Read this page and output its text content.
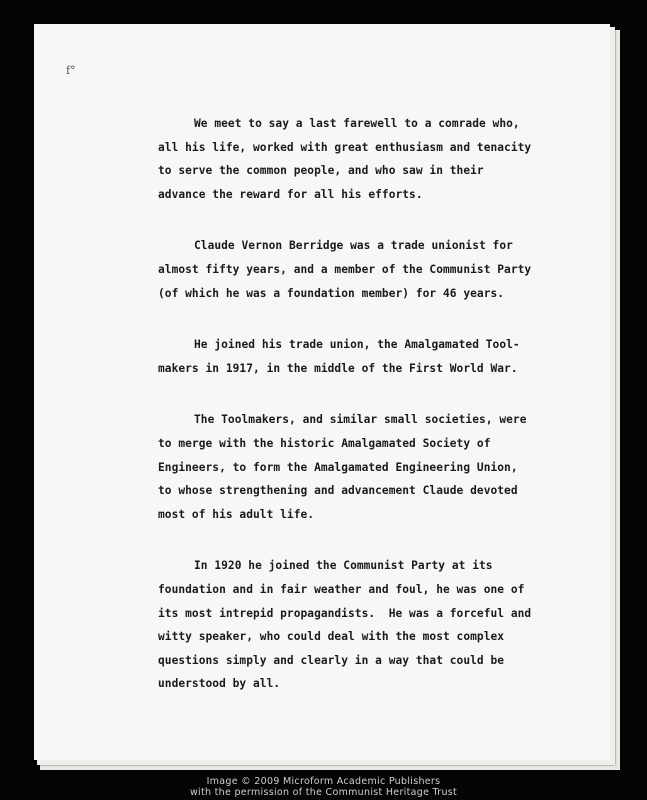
f°
We meet to say a last farewell to a comrade who,
all his life, worked with great enthusiasm and tenacity
to serve the common people, and who saw in their
advance the reward for all his efforts.
Claude Vernon Berridge was a trade unionist for
almost fifty years, and a member of the Communist Party
(of which he was a foundation member) for 46 years.
He joined his trade union, the Amalgamated Tool-
makers in 1917, in the middle of the First World War.
The Toolmakers, and similar small societies, were
to merge with the historic Amalgamated Society of
Engineers, to form the Amalgamated Engineering Union,
to whose strengthening and advancement Claude devoted
most of his adult life.
In 1920 he joined the Communist Party at its
foundation and in fair weather and foul, he was one of
its most intrepid propagandists.  He was a forceful and
witty speaker, who could deal with the most complex
questions simply and clearly in a way that could be
understood by all.
Image © 2009 Microform Academic Publishers
with the permission of the Communist Heritage Trust
